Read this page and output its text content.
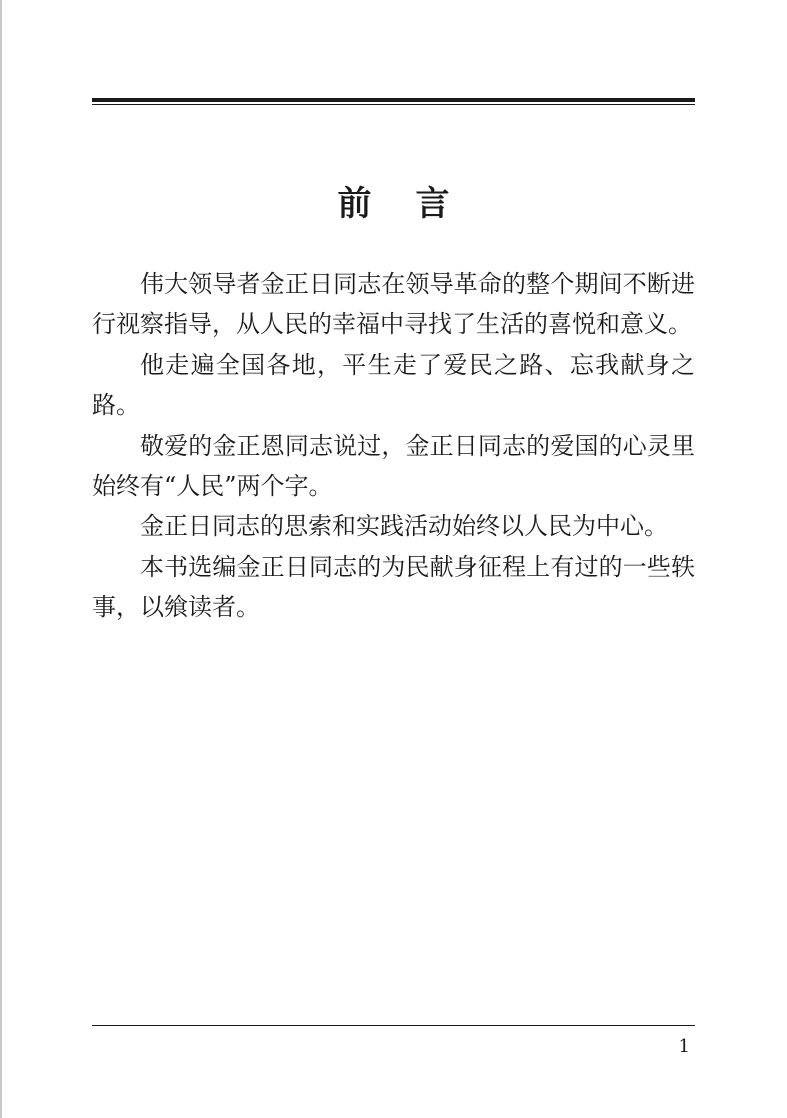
前言

伟大领导者金正日同志在领导革命的整个期间不断进行视察指导，从人民的幸福中寻找了生活的喜悦和意义。

他走遍全国各地，平生走了爱民之路、忘我献身之路。

敬爱的金正恩同志说过，金正日同志的爱国的心灵里始终有“人民”两个字。

金正日同志的思索和实践活动始终以人民为中心。

本书选编金正日同志的为民献身征程上有过的一些轶事，以飨读者。

1
